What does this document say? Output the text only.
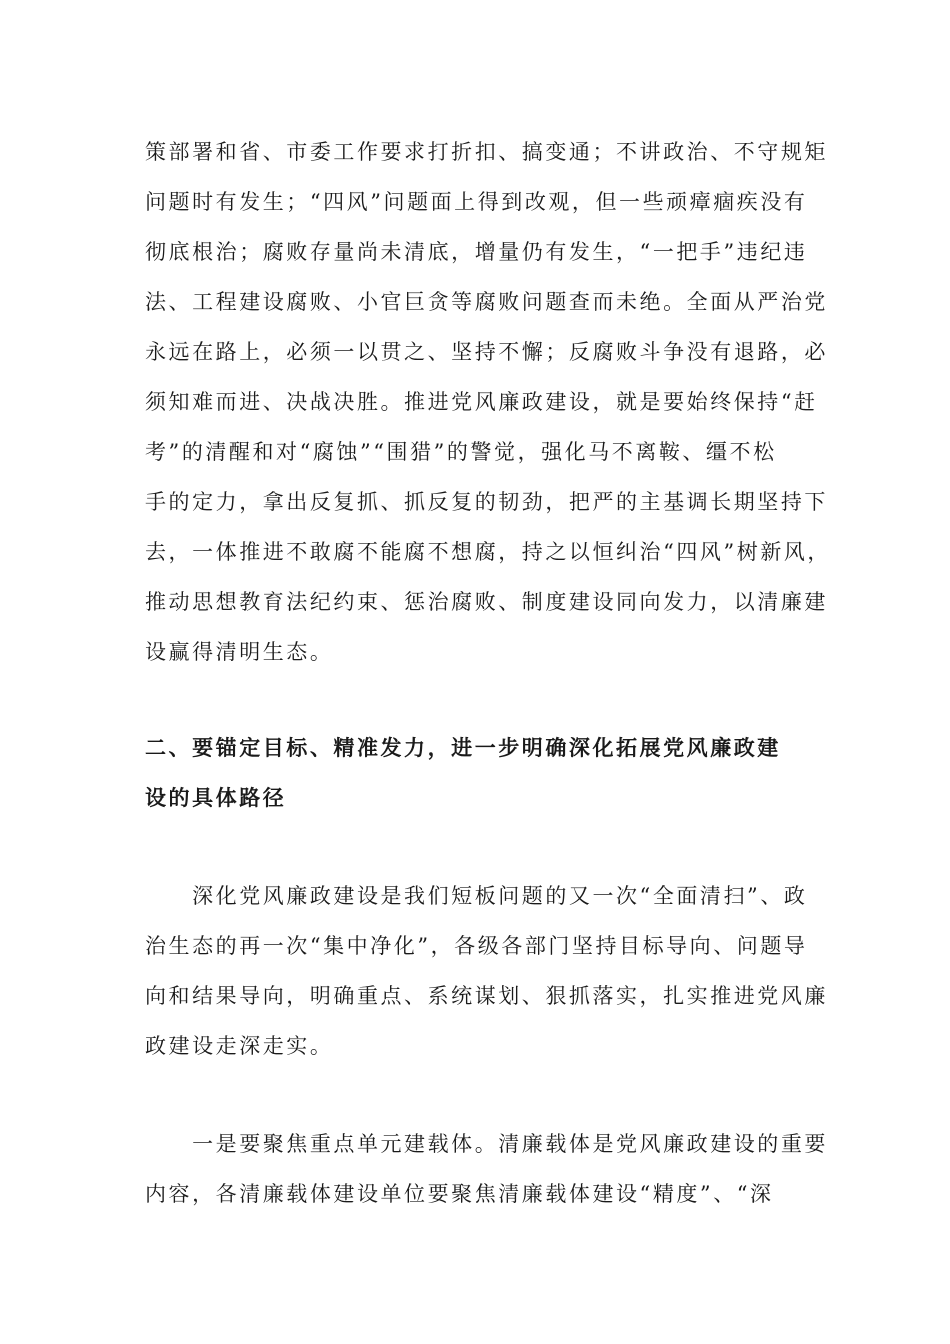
策部署和省、市委工作要求打折扣、搞变通；不讲政治、不守规矩
问题时有发生；“四风”问题面上得到改观，但一些顽瘴痼疾没有
彻底根治；腐败存量尚未清底，增量仍有发生，“一把手”违纪违
法、工程建设腐败、小官巨贪等腐败问题查而未绝。全面从严治党
永远在路上，必须一以贯之、坚持不懈；反腐败斗争没有退路，必
须知难而进、决战决胜。推进党风廉政建设，就是要始终保持“赶
考”的清醒和对“腐蚀”“围猎”的警觉，强化马不离鞍、缰不松
手的定力，拿出反复抓、抓反复的韧劲，把严的主基调长期坚持下
去，一体推进不敢腐不能腐不想腐，持之以恒纠治“四风”树新风，
推动思想教育法纪约束、惩治腐败、制度建设同向发力，以清廉建
设赢得清明生态。
二、要锚定目标、精准发力，进一步明确深化拓展党风廉政建
设的具体路径
　　深化党风廉政建设是我们短板问题的又一次“全面清扫”、政
治生态的再一次“集中净化”，各级各部门坚持目标导向、问题导
向和结果导向，明确重点、系统谋划、狠抓落实，扎实推进党风廉
政建设走深走实。
　　一是要聚焦重点单元建载体。清廉载体是党风廉政建设的重要
内容，各清廉载体建设单位要聚焦清廉载体建设“精度”、“深
